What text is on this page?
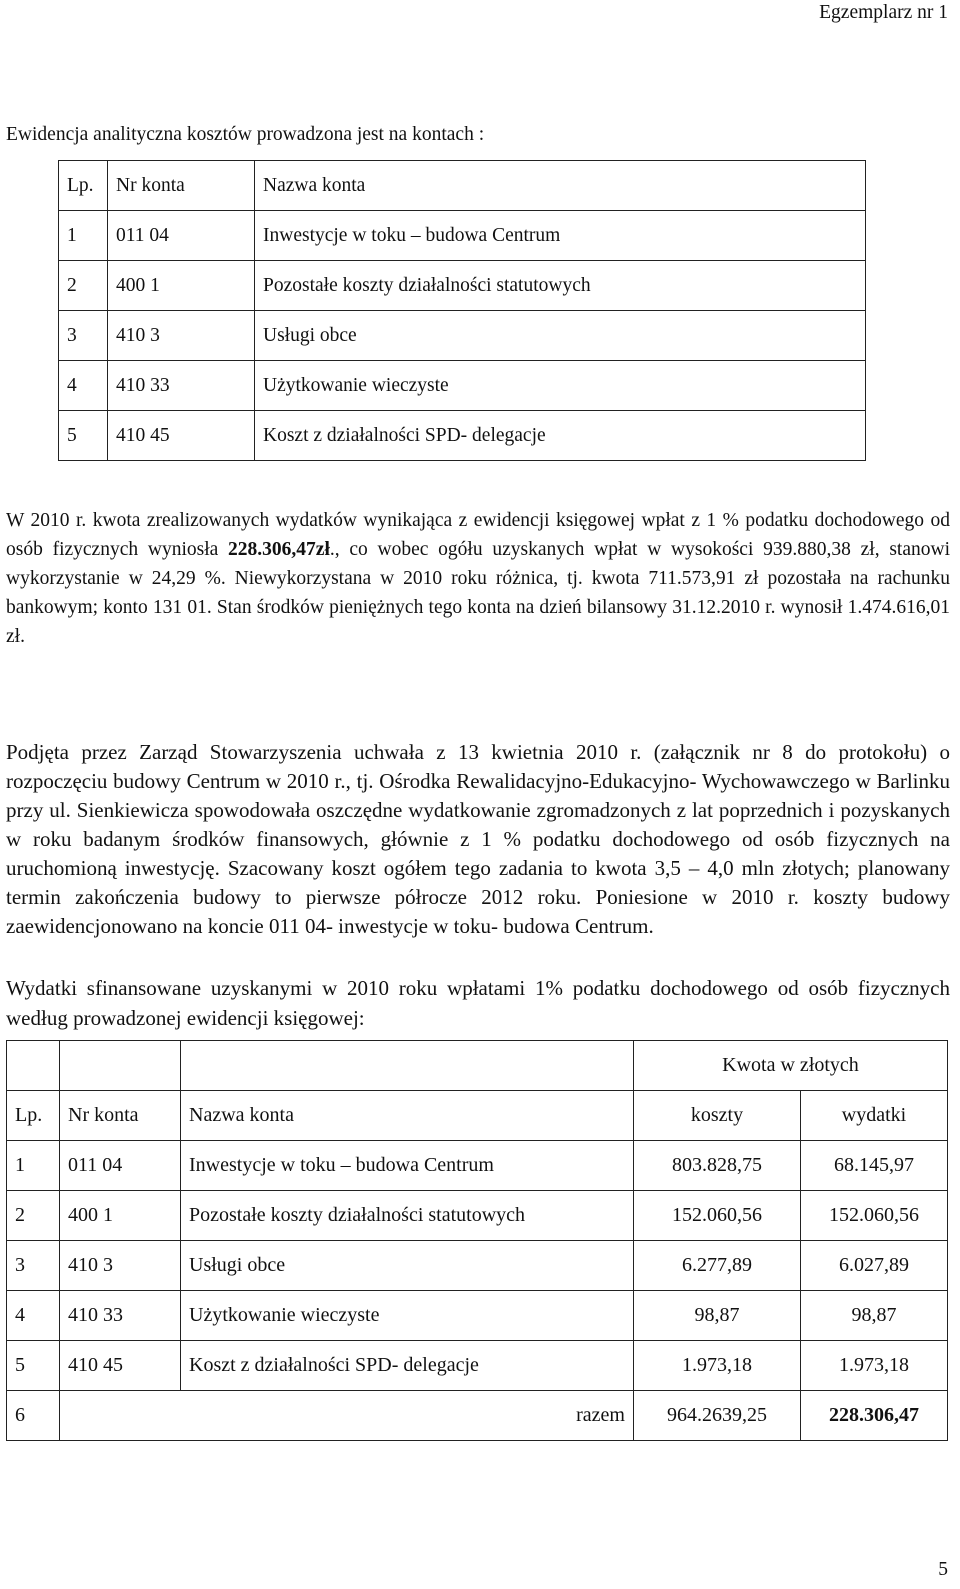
Egzemplarz nr 1
Ewidencja analityczna kosztów prowadzona jest na kontach :
Lp.	Nr konta	Nazwa konta
1	011 04	Inwestycje w toku – budowa Centrum
2	400 1	Pozostałe koszty działalności statutowych
3	410 3	Usługi obce
4	410 33	Użytkowanie wieczyste
5	410 45	Koszt z działalności SPD- delegacje
W 2010 r. kwota zrealizowanych wydatków wynikająca z ewidencji księgowej wpłat z 1 % podatku dochodowego od osób fizycznych wyniosła 228.306,47zł., co wobec ogółu uzyskanych wpłat w wysokości 939.880,38 zł, stanowi wykorzystanie w 24,29 %. Niewykorzystana w 2010 roku różnica, tj. kwota 711.573,91 zł pozostała na rachunku bankowym; konto 131 01. Stan środków pieniężnych tego konta na dzień bilansowy 31.12.2010 r. wynosił 1.474.616,01 zł.
Podjęta przez Zarząd Stowarzyszenia uchwała z 13 kwietnia 2010 r. (załącznik nr 8 do protokołu) o rozpoczęciu budowy Centrum w 2010 r., tj. Ośrodka Rewalidacyjno-Edukacyjno- Wychowawczego w Barlinku przy ul. Sienkiewicza spowodowała oszczędne wydatkowanie zgromadzonych z lat poprzednich i pozyskanych w roku badanym środków finansowych, głównie z 1 % podatku dochodowego od osób fizycznych na uruchomioną inwestycję. Szacowany koszt ogółem tego zadania to kwota 3,5 – 4,0 mln złotych; planowany termin zakończenia budowy to pierwsze półrocze 2012 roku. Poniesione w 2010 r. koszty budowy zaewidencjonowano na koncie 011 04- inwestycje w toku- budowa Centrum.
Wydatki sfinansowane uzyskanymi w 2010 roku wpłatami 1% podatku dochodowego od osób fizycznych według prowadzonej ewidencji księgowej:
			Kwota w złotych	
Lp.	Nr konta	Nazwa konta	koszty	wydatki
1	011 04	Inwestycje w toku – budowa Centrum	803.828,75	68.145,97
2	400 1	Pozostałe koszty działalności statutowych	152.060,56	152.060,56
3	410 3	Usługi obce	6.277,89	6.027,89
4	410 33	Użytkowanie wieczyste	98,87	98,87
5	410 45	Koszt z działalności SPD- delegacje	1.973,18	1.973,18
6	razem		964.2639,25	228.306,47
5
